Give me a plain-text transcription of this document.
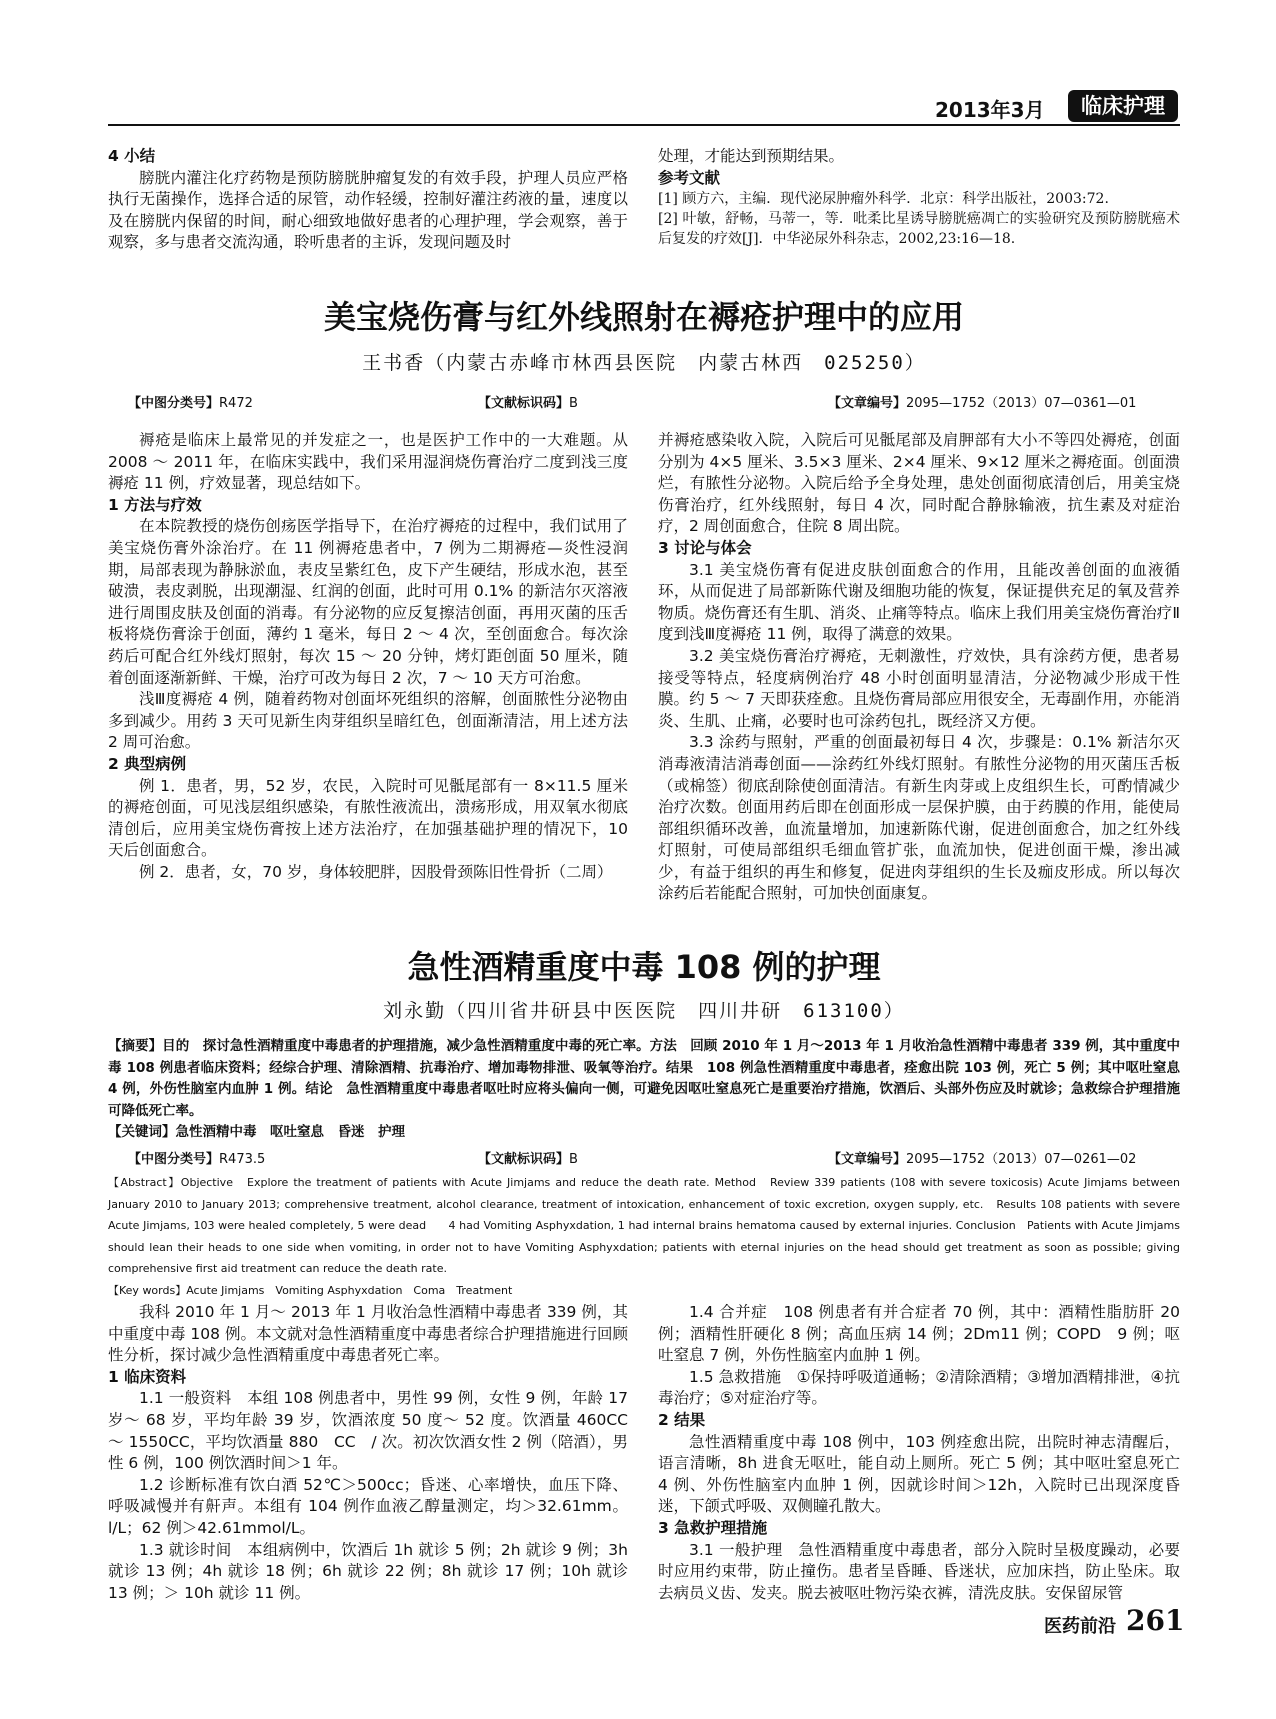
2013年3月	临床护理

4 小结

膀胱内灌注化疗药物是预防膀胱肿瘤复发的有效手段，护理人员应严格执行无菌操作，选择合适的尿管，动作轻缓，控制好灌注药液的量，速度以及在膀胱内保留的时间，耐心细致地做好患者的心理护理，学会观察，善于观察，多与患者交流沟通，聆听患者的主诉，发现问题及时

处理，才能达到预期结果。

参考文献

[1] 顾方六，主编．现代泌尿肿瘤外科学．北京：科学出版社，2003:72.

[2] 叶敏，舒畅，马蒂一，等．吡柔比星诱导膀胱癌凋亡的实验研究及预防膀胱癌术后复发的疗效[J]．中华泌尿外科杂志，2002,23:16—18.

美宝烧伤膏与红外线照射在褥疮护理中的应用
王书香（内蒙古赤峰市林西县医院　内蒙古林西　025250）
【中图分类号】R472	【文献标识码】B	【文章编号】2095—1752（2013）07—0361—01

褥疮是临床上最常见的并发症之一，也是医护工作中的一大难题。从 2008 ～ 2011 年，在临床实践中，我们采用湿润烧伤膏治疗二度到浅三度褥疮 11 例，疗效显著，现总结如下。

1 方法与疗效

在本院教授的烧伤创疡医学指导下，在治疗褥疮的过程中，我们试用了美宝烧伤膏外涂治疗。在 11 例褥疮患者中，7 例为二期褥疮—炎性浸润期，局部表现为静脉淤血，表皮呈紫红色，皮下产生硬结，形成水泡，甚至破溃，表皮剥脱，出现潮湿、红润的创面，此时可用 0.1% 的新洁尔灭溶液进行周围皮肤及创面的消毒。有分泌物的应反复擦洁创面，再用灭菌的压舌板将烧伤膏涂于创面，薄约 1 毫米，每日 2 ～ 4 次，至创面愈合。每次涂药后可配合红外线灯照射，每次 15 ～ 20 分钟，烤灯距创面 50 厘米，随着创面逐渐新鲜、干燥，治疗可改为每日 2 次，7 ～ 10 天方可治愈。

浅Ⅲ度褥疮 4 例，随着药物对创面坏死组织的溶解，创面脓性分泌物由多到减少。用药 3 天可见新生肉芽组织呈暗红色，创面渐清洁，用上述方法 2 周可治愈。

2 典型病例

例 1．患者，男，52 岁，农民，入院时可见骶尾部有一 8×11.5 厘米的褥疮创面，可见浅层组织感染，有脓性液流出，溃疡形成，用双氧水彻底清创后，应用美宝烧伤膏按上述方法治疗，在加强基础护理的情况下，10 天后创面愈合。

例 2．患者，女，70 岁，身体较肥胖，因股骨颈陈旧性骨折（二周）

并褥疮感染收入院，入院后可见骶尾部及肩胛部有大小不等四处褥疮，创面分别为 4×5 厘米、3.5×3 厘米、2×4 厘米、9×12 厘米之褥疮面。创面溃烂，有脓性分泌物。入院后给予全身处理，患处创面彻底清创后，用美宝烧伤膏治疗，红外线照射，每日 4 次，同时配合静脉输液，抗生素及对症治疗，2 周创面愈合，住院 8 周出院。

3 讨论与体会

3.1 美宝烧伤膏有促进皮肤创面愈合的作用，且能改善创面的血液循环，从而促进了局部新陈代谢及细胞功能的恢复，保证提供充足的氧及营养物质。烧伤膏还有生肌、消炎、止痛等特点。临床上我们用美宝烧伤膏治疗Ⅱ度到浅Ⅲ度褥疮 11 例，取得了满意的效果。

3.2 美宝烧伤膏治疗褥疮，无刺激性，疗效快，具有涂药方便，患者易接受等特点，轻度病例治疗 48 小时创面明显清洁，分泌物减少形成干性膜。约 5 ～ 7 天即获痊愈。且烧伤膏局部应用很安全，无毒副作用，亦能消炎、生肌、止痛，必要时也可涂药包扎，既经济又方便。

3.3 涂药与照射，严重的创面最初每日 4 次，步骤是：0.1% 新洁尔灭消毒液清洁消毒创面——涂药红外线灯照射。有脓性分泌物的用灭菌压舌板（或棉签）彻底刮除使创面清洁。有新生肉芽或上皮组织生长，可酌情减少治疗次数。创面用药后即在创面形成一层保护膜，由于药膜的作用，能使局部组织循环改善，血流量增加，加速新陈代谢，促进创面愈合，加之红外线灯照射，可使局部组织毛细血管扩张，血流加快，促进创面干燥，渗出减少，有益于组织的再生和修复，促进肉芽组织的生长及痂皮形成。所以每次涂药后若能配合照射，可加快创面康复。

急性酒精重度中毒 108 例的护理
刘永勤（四川省井研县中医医院　四川井研　613100）
【摘要】目的　探讨急性酒精重度中毒患者的护理措施，减少急性酒精重度中毒的死亡率。方法　回顾 2010 年 1 月～2013 年 1 月收治急性酒精中毒患者 339 例，其中重度中毒 108 例患者临床资料；经综合护理、清除酒精、抗毒治疗、增加毒物排泄、吸氧等治疗。结果　108 例急性酒精重度中毒患者，痊愈出院 103 例，死亡 5 例；其中呕吐窒息 4 例，外伤性脑室内血肿 1 例。结论　急性酒精重度中毒患者呕吐时应将头偏向一侧，可避免因呕吐窒息死亡是重要治疗措施，饮酒后、头部外伤应及时就诊；急救综合护理措施可降低死亡率。
【关键词】急性酒精中毒　呕吐窒息　昏迷　护理
【中图分类号】R473.5	【文献标识码】B	【文章编号】2095—1752（2013）07—0261—02
【Abstract】Objective　Explore the treatment of patients with Acute Jimjams and reduce the death rate. Method　Review 339 patients (108 with severe toxicosis) Acute Jimjams between January 2010 to January 2013; comprehensive treatment, alcohol clearance, treatment of intoxication, enhancement of toxic excretion, oxygen supply, etc.　Results 108 patients with severe Acute Jimjams, 103 were healed completely, 5 were dead　　4 had Vomiting Asphyxdation, 1 had internal brains hematoma caused by external injuries. Conclusion　Patients with Acute Jimjams should lean their heads to one side when vomiting, in order not to have Vomiting Asphyxdation; patients with eternal injuries on the head should get treatment as soon as possible; giving comprehensive first aid treatment can reduce the death rate.
【Key words】Acute Jimjams　Vomiting Asphyxdation　Coma　Treatment

我科 2010 年 1 月～ 2013 年 1 月收治急性酒精中毒患者 339 例，其中重度中毒 108 例。本文就对急性酒精重度中毒患者综合护理措施进行回顾性分析，探讨减少急性酒精重度中毒患者死亡率。

1 临床资料

1.1 一般资料　本组 108 例患者中，男性 99 例，女性 9 例，年龄 17 岁～ 68 岁，平均年龄 39 岁，饮酒浓度 50 度～ 52 度。饮酒量 460CC ～ 1550CC，平均饮酒量 880　CC　/ 次。初次饮酒女性 2 例（陪酒），男性 6 例，100 例饮酒时间＞1 年。

1.2 诊断标准有饮白酒 52℃＞500cc；昏迷、心率增快，血压下降、呼吸减慢并有鼾声。本组有 104 例作血液乙醇量测定，均＞32.61mm。l/L；62 例＞42.61mmol/L。

1.3 就诊时间　本组病例中，饮酒后 1h 就诊 5 例；2h 就诊 9 例；3h 就诊 13 例；4h 就诊 18 例；6h 就诊 22 例；8h 就诊 17 例；10h 就诊 13 例；＞ 10h 就诊 11 例。

1.4 合并症　108 例患者有并合症者 70 例，其中：酒精性脂肪肝 20 例；酒精性肝硬化 8 例；高血压病 14 例；2Dm11 例；COPD　9 例；呕吐窒息 7 例，外伤性脑室内血肿 1 例。

1.5 急救措施　①保持呼吸道通畅；②清除酒精；③增加酒精排泄，④抗毒治疗；⑤对症治疗等。

2 结果

急性酒精重度中毒 108 例中，103 例痊愈出院，出院时神志清醒后，语言清晰，8h 进食无呕吐，能自动上厕所。死亡 5 例；其中呕吐窒息死亡 4 例、外伤性脑室内血肿 1 例，因就诊时间＞12h，入院时已出现深度昏迷，下颌式呼吸、双侧瞳孔散大。

3 急救护理措施

3.1 一般护理　急性酒精重度中毒患者，部分入院时呈极度躁动，必要时应用约束带，防止撞伤。患者呈昏睡、昏迷状，应加床挡，防止坠床。取去病员义齿、发夹。脱去被呕吐物污染衣裤，清洗皮肤。安保留尿管

医药前沿 261
